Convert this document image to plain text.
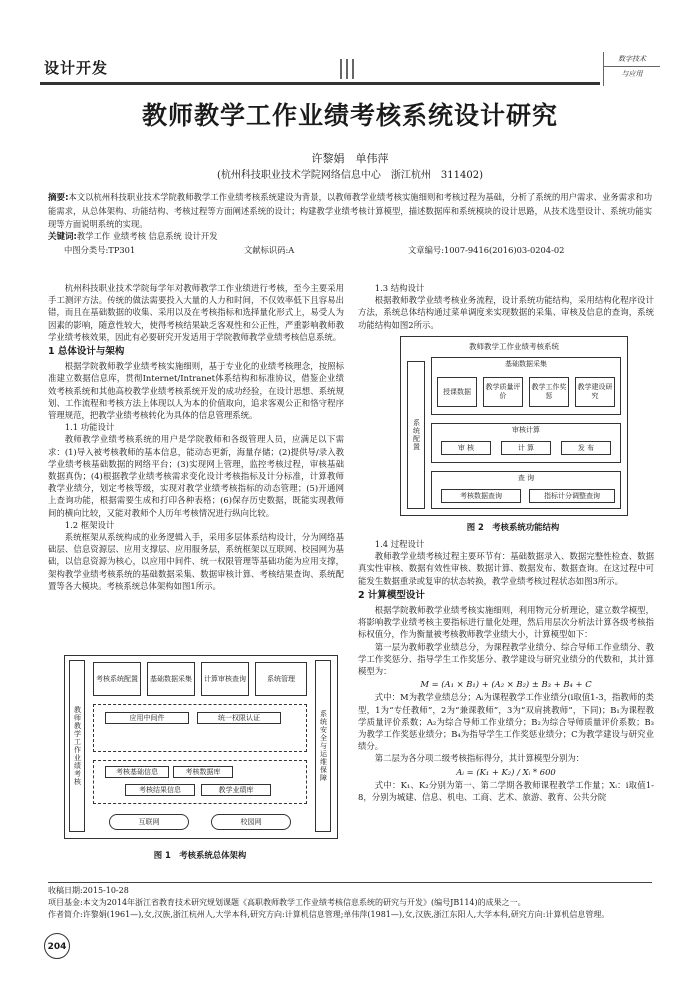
设计开发	数字技术
与应用
教师教学工作业绩考核系统设计研究
许黎娟　单伟萍
(杭州科技职业技术学院网络信息中心　浙江杭州　311402)
摘要:本文以杭州科技职业技术学院教师教学工作业绩考核系统建设为背景，以教师教学业绩考核实施细则和考核过程为基础，分析了系统的用户需求、业务需求和功能需求，从总体架构、功能结构、考核过程等方面阐述系统的设计；构建教学业绩考核计算模型，描述数据库和系统模块的设计思路，从技术选型设计、系统功能实现等方面说明系统的实现。
关键词:教学工作 业绩考核 信息系统 设计开发
中图分类号:TP301	文献标识码:A	文章编号:1007-9416(2016)03-0204-02

杭州科技职业技术学院每学年对教师教学工作业绩进行考核，至今主要采用手工测评方法。传统的做法需要投入大量的人力和时间，不仅效率低下且容易出错，而且在基础数据的收集、采用以及在考核指标和选择量化形式上，易受人为因素的影响，随意性较大，使得考核结果缺乏客观性和公正性，严重影响教师教学业绩考核效果，因此有必要研究开发适用于学院教师教学业绩考核信息系统。

1 总体设计与架构

根据学院教师教学业绩考核实施细则，基于专业化的业绩考核理念，按照标准建立数据信息库，贯彻Internet/Intranet体系结构和标准协议，借鉴企业绩效考核系统和其他高校教学业绩考核系统开发的成功经验，在设计思想、系统规划、工作流程和考核方法上体现以人为本的价值取向，追求客观公正和恪守程序管理规范，把教学业绩考核转化为具体的信息管理系统。

1.1 功能设计

教师教学业绩考核系统的用户是学院教师和各级管理人员，应满足以下需求：(1)导入被考核教师的基本信息，能动态更新，海量存储；(2)提供导/录入教学业绩考核基础数据的网络平台；(3)实现网上管理，监控考核过程，审核基础数据真伪；(4)根据教学业绩考核需求变化设计考核指标及计分标准，计算教师教学业绩分，划定考核等级，实现对教学业绩考核指标的动态管理；(5)开通网上查询功能，根据需要生成和打印各种表格；(6)保存历史数据，既能实现教师间的横向比较，又能对教师个人历年考核情况进行纵向比较。

1.2 框架设计

系统框架从系统构成的业务逻辑入手，采用多层体系结构设计，分为网络基础层、信息资源层、应用支撑层、应用服务层，系统框架以互联网、校园网为基础，以信息资源为核心，以应用中间件、统一权限管理等基础功能为应用支撑，架构教学业绩考核系统的基础数据采集、数据审核计算、考核结果查询、系统配置等各大模块。考核系统总体架构如图1所示。

教师教学工作业绩考核	系统安全与运维保障
考核系统配置	基础数据采集	计算审核查询	系统管理
应用中间件	统一权限认证
考核基础信息	考核数据库
考核结果信息	教学业绩库
互联网	校园网
图 1　考核系统总体架构
1.3 结构设计

根据教师教学业绩考核业务流程，设计系统功能结构，采用结构化程序设计方法，系统总体结构通过菜单调度来实现数据的采集、审核及信息的查询，系统功能结构如图2所示。

教师教学工作业绩考核系统
系统配置
基础数据采集
授课数据
教学质量评价
教学工作奖惩
教学建设研究
审核计算
审 核	计 算	发 布
查 询
考核数据查询	指标计分调整查询
图 2　考核系统功能结构
1.4 过程设计

教师教学业绩考核过程主要环节有：基础数据录入、数据完整性检查、数据真实性审核、数据有效性审核、数据计算、数据发布、数据查询。在这过程中可能发生数据重录或复审的状态转换，教学业绩考核过程状态如图3所示。

2 计算模型设计

根据学院教师教学业绩考核实施细则，利用物元分析理论，建立数学模型，将影响教学业绩考核主要指标进行量化处理，然后用层次分析法计算各级考核指标权值分，作为衡量被考核教师教学业绩大小，计算模型如下：

第一层为教师教学业绩总分，为课程教学业绩分、综合导师工作业绩分、教学工作奖惩分、指导学生工作奖惩分、教学建设与研究业绩分的代数和，其计算模型为：

M = (A₁ × B₁) + (A₂ × B₂) ± B₃ + B₄ + C

式中：M为教学业绩总分；Aᵢ为课程教学工作业绩分(i取值1-3，指教师的类型，1为“专任教师”，2为“兼课教师”，3为“双肩挑教师”，下同)；B₁为课程教学质量评价系数；A₂为综合导师工作业绩分；B₂为综合导师质量评价系数；B₃为教学工作奖惩业绩分；B₄为指导学生工作奖惩业绩分；C为教学建设与研究业绩分。

第二层为各分项二级考核指标得分，其计算模型分别为：

Aᵢ = (K₁ + K₂) / Xᵢ * 600

式中：K₁、K₂分别为第一、第二学期各教师课程教学工作量；Xᵢ：i取值1-8，分别为城建、信息、机电、工商、艺术、旅游、教育、公共分院

收稿日期:2015-10-28
项目基金:本文为2014年浙江省教育技术研究规划课题《高职教师教学工作业绩考核信息系统的研究与开发》(编号JB114)的成果之一。
作者简介:许黎娟(1961—),女,汉族,浙江杭州人,大学本科,研究方向:计算机信息管理;单伟萍(1981—),女,汉族,浙江东阳人,大学本科,研究方向:计算机信息管理。
204
